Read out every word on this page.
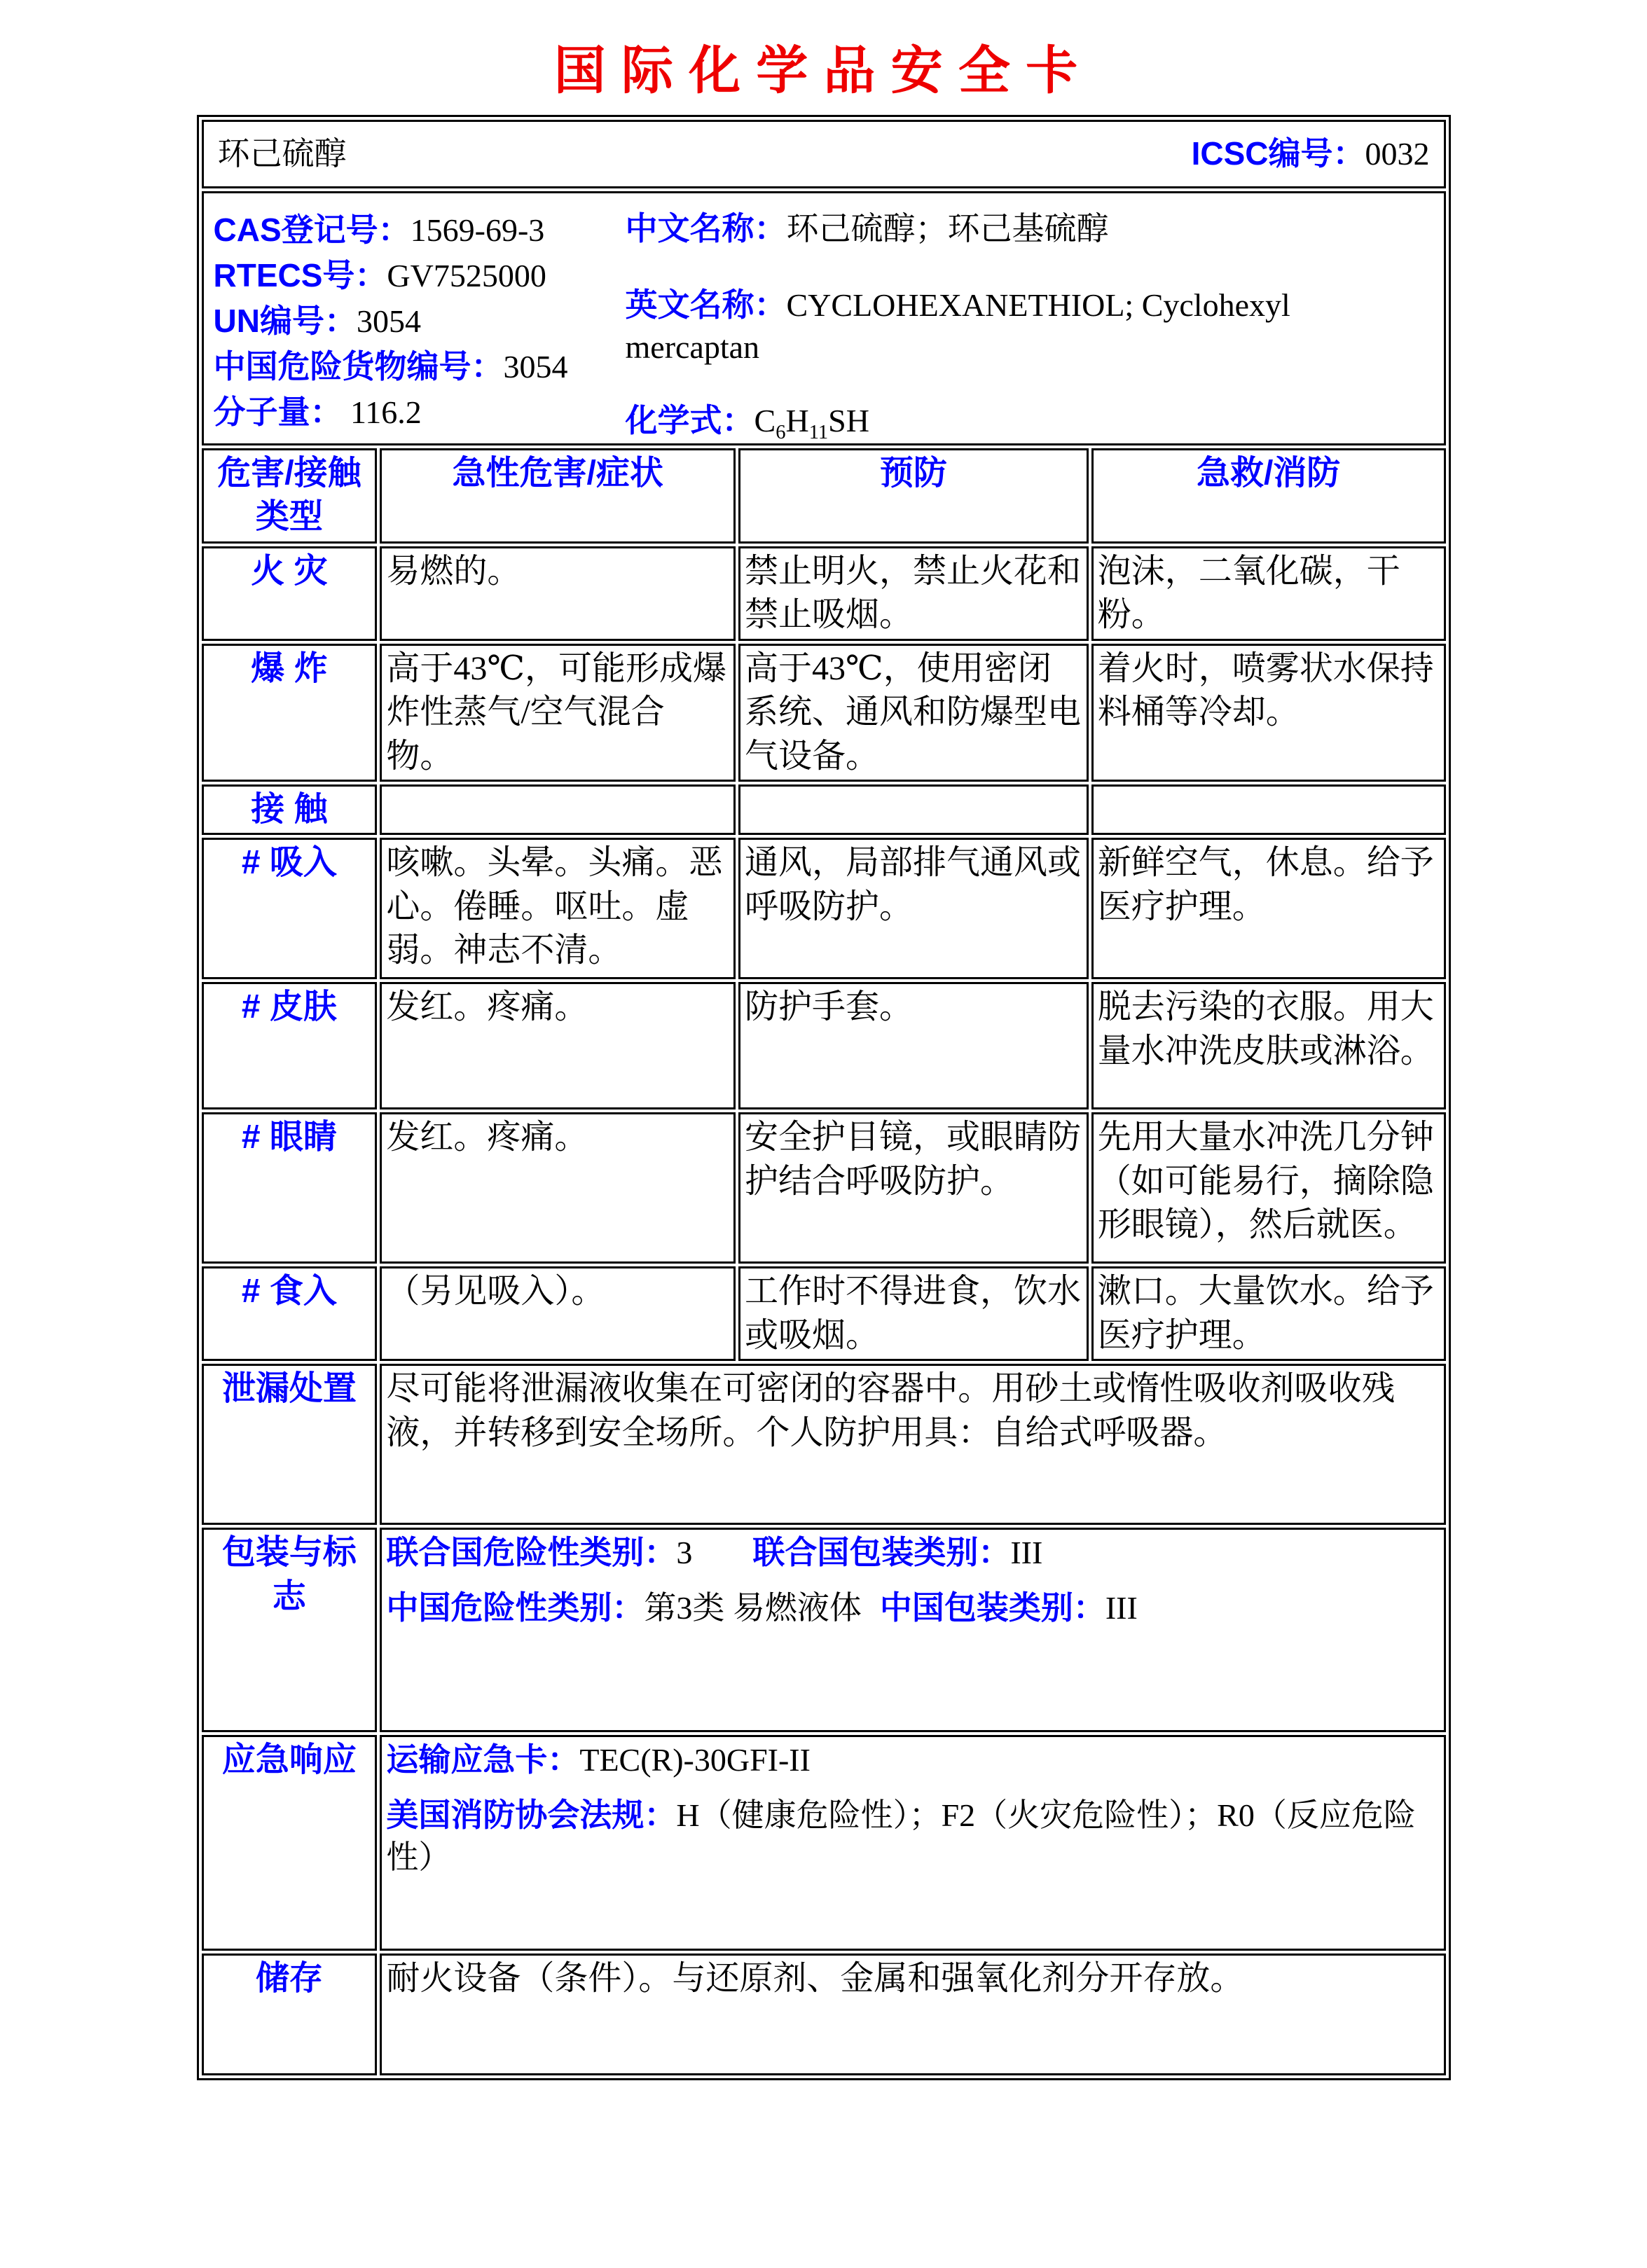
国际化学品安全卡
环己硫醇 ICSC编号：0032			

CAS登记号：1569-69-3
RTECS号：GV7525000
UN编号：3054
中国危险货物编号：3054
分子量： 116.2
中文名称：环己硫醇；环己基硫醇
英文名称：CYCLOHEXANETHIOL; Cyclohexyl mercaptan
化学式：$C_6H_{11}SH$

危害/接触类型	急性危害/症状	预防	急救/消防
火 灾	易燃的。	禁止明火，禁止火花和禁止吸烟。	泡沫，二氧化碳，干粉。
爆 炸	高于43℃，可能形成爆炸性蒸气/空气混合物。	高于43℃，使用密闭系统、通风和防爆型电气设备。	着火时，喷雾状水保持料桶等冷却。
接 触			
# 吸入	咳嗽。头晕。头痛。恶心。倦睡。呕吐。虚弱。神志不清。	通风，局部排气通风或呼吸防护。	新鲜空气，休息。给予医疗护理。
# 皮肤	发红。疼痛。	防护手套。	脱去污染的衣服。用大量水冲洗皮肤或淋浴。
# 眼睛	发红。疼痛。	安全护目镜，或眼睛防护结合呼吸防护。	先用大量水冲洗几分钟（如可能易行，摘除隐形眼镜），然后就医。
# 食入	（另见吸入）。	工作时不得进食，饮水或吸烟。	漱口。大量饮水。给予医疗护理。
泄漏处置	尽可能将泄漏液收集在可密闭的容器中。用砂土或惰性吸收剂吸收残液，并转移到安全场所。个人防护用具：自给式呼吸器。		
包装与标志	联合国危险性类别：3 联合国包装类别：III
中国危险性类别：第3类 易燃液体 中国包装类别：III		

应急响应	运输应急卡：TEC(R)-30GFI-II
美国消防协会法规：H（健康危险性）；F2（火灾危险性）；R0（反应危险性）		

储存	耐火设备（条件）。与还原剂、金属和强氧化剂分开存放。		
